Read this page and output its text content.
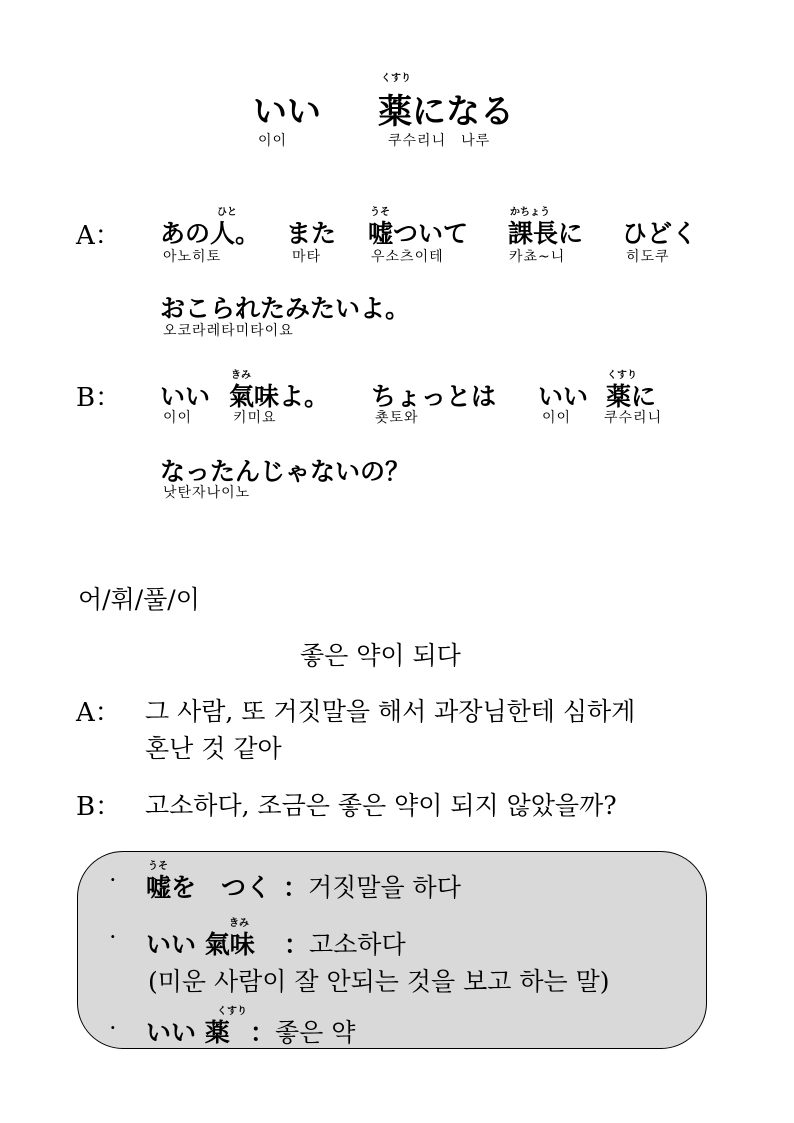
くすり
いい 薬になる
이이	쿠수리니　나루
A：
ひと
あの人。
아노히토
また
마타
うそ
嘘ついて
우소츠이테
かちょう
課長に
카쵸~니
ひどく
히도쿠
おこられたみたいよ。
오코라레타미타이요
B： いい
이이
きみ
氣味よ。
키미요
ちょっとは
춋토와
いい
이이
くすり
薬に
쿠수리니
なったんじゃないの？
낫탄자나이노
어/휘/풀/이
좋은 약이 되다
A： 그 사람, 또 거짓말을 해서 과장님한테 심하게
혼난 것 같아
B： 고소하다, 조금은 좋은 약이 되지 않았을까?
·
うそ
嘘を　つく ： 거짓말을 하다
·
きみ
いい 氣味 ： 고소하다
(미운 사람이 잘 안되는 것을 보고 하는 말)
·
くすり
いい 薬 ： 좋은 약
